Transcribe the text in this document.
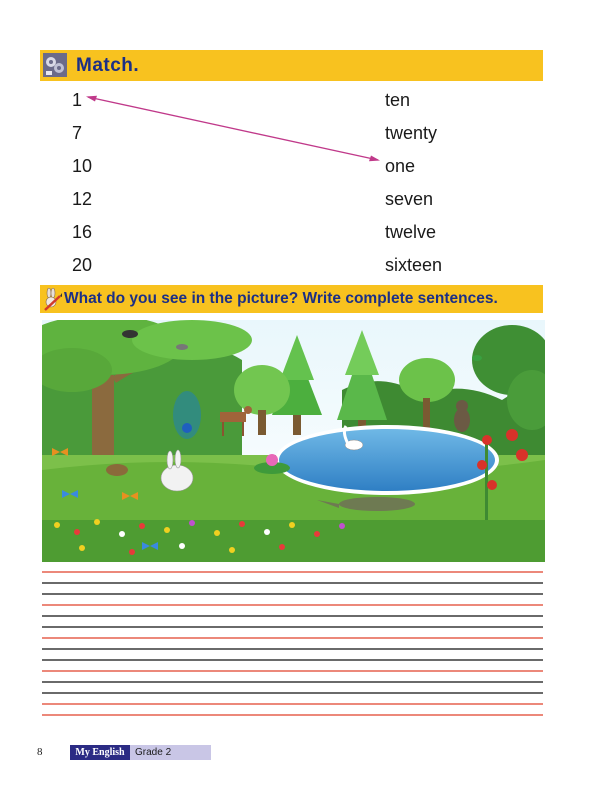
Match.
1
7
10
12
16
20
ten
twenty
one
seven
twelve
sixteen
What do you see in the picture? Write complete sentences.
8	My English	Grade 2
